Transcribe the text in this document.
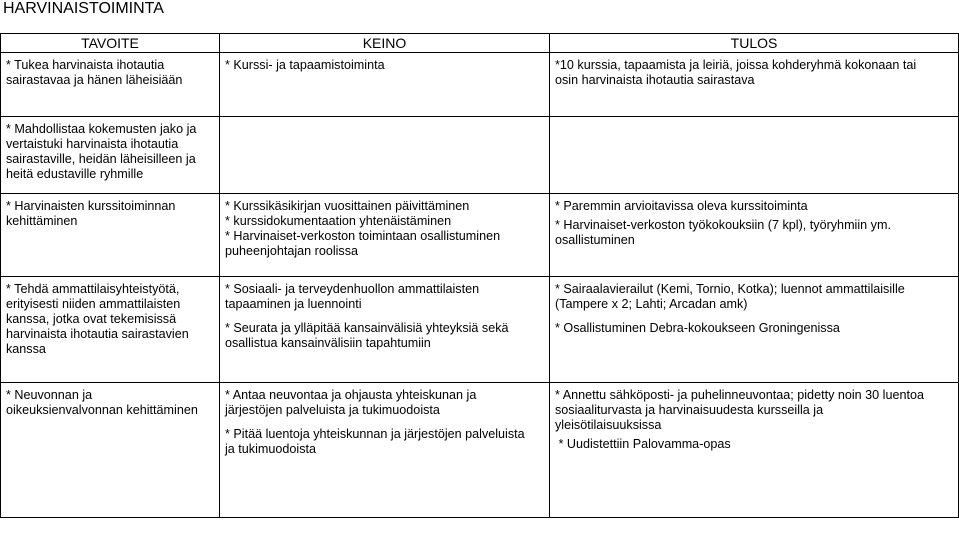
HARVINAISTOIMINTA
TAVOITE	KEINO	TULOS

* Tukea harvinaista ihotautia
sairastavaa ja hänen läheisiään	* Kurssi- ja tapaamistoiminta	*10 kurssia, tapaamista ja leiriä, joissa kohderyhmä kokonaan tai
osin harvinaista ihotautia sairastava

* Mahdollistaa kokemusten jako ja
vertaistuki harvinaista ihotautia
sairastaville, heidän läheisilleen ja
heitä edustaville ryhmille		

* Harvinaisten kurssitoiminnan
kehittäminen	* Kurssikäsikirjan vuosittainen päivittäminen
* kurssidokumentaation yhtenäistäminen
* Harvinaiset-verkoston toimintaan osallistuminen
puheenjohtajan roolissa	* Paremmin arvioitavissa oleva kurssitoiminta
* Harvinaiset-verkoston työkokouksiin (7 kpl), työryhmiin ym.
osallistuminen

* Tehdä ammattilaisyhteistyötä,
erityisesti niiden ammattilaisten
kanssa, jotka ovat tekemisissä
harvinaista ihotautia sairastavien
kanssa	* Sosiaali- ja terveydenhuollon ammattilaisten
tapaaminen ja luennointi
* Seurata ja ylläpitää kansainvälisiä yhteyksiä sekä
osallistua kansainvälisiin tapahtumiin	* Sairaalavierailut (Kemi, Tornio, Kotka); luennot ammattilaisille
(Tampere x 2; Lahti; Arcadan amk)
* Osallistuminen Debra-kokoukseen Groningenissa

* Neuvonnan ja
oikeuksienvalvonnan kehittäminen	* Antaa neuvontaa ja ohjausta yhteiskunan ja
järjestöjen palveluista ja tukimuodoista
* Pitää luentoja yhteiskunnan ja järjestöjen palveluista
ja tukimuodoista	* Annettu sähköposti- ja puhelinneuvontaa; pidetty noin 30 luentoa
sosiaaliturvasta ja harvinaisuudesta kursseilla ja
yleisötilaisuuksissa
* Uudistettiin Palovamma-opas
